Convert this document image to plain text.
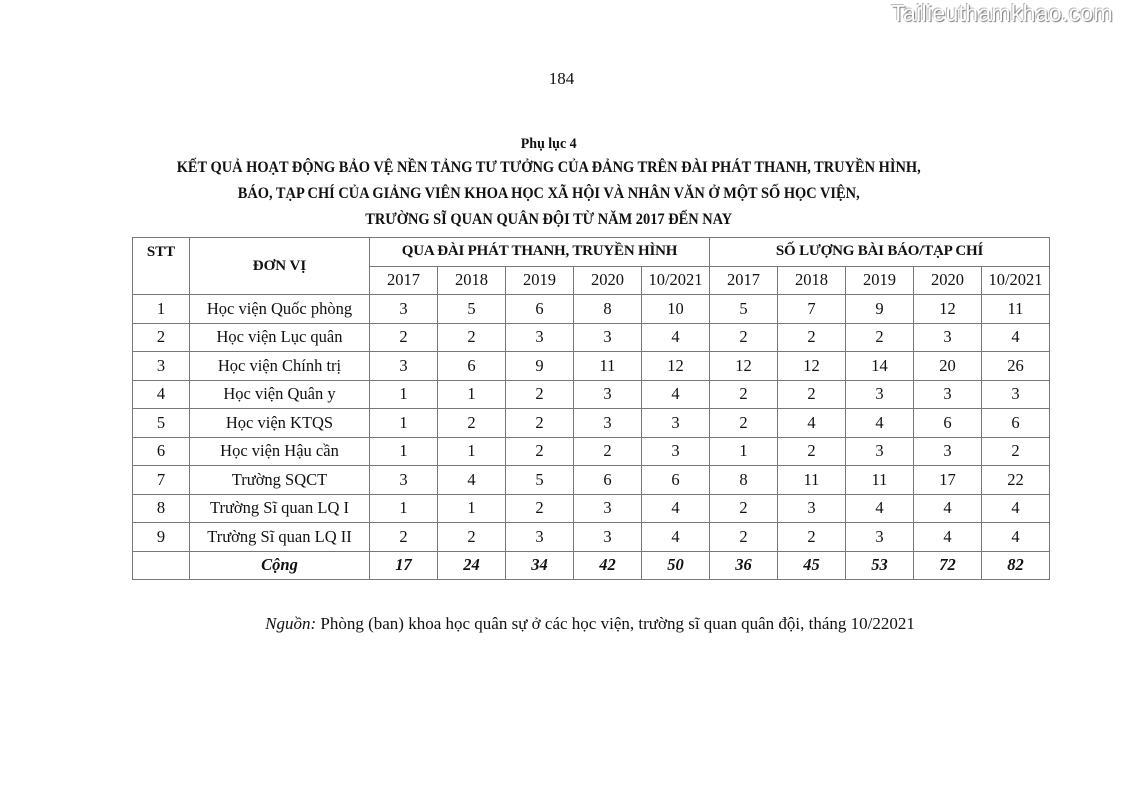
Tailieuthamkhao.com
184
Phụ lục 4
KẾT QUẢ HOẠT ĐỘNG BẢO VỆ NỀN TẢNG TƯ TƯỞNG CỦA ĐẢNG TRÊN ĐÀI PHÁT THANH, TRUYỀN HÌNH,
BÁO, TẠP CHÍ CỦA GIẢNG VIÊN KHOA HỌC XÃ HỘI VÀ NHÂN VĂN Ở MỘT SỐ HỌC VIỆN,
TRƯỜNG SĨ QUAN QUÂN ĐỘI TỪ NĂM 2017 ĐẾN NAY
STT	ĐƠN VỊ	QUA ĐÀI PHÁT THANH, TRUYỀN HÌNH					SỐ LƯỢNG BÀI BÁO/TẠP CHÍ				
		2017	2018	2019	2020	10/2021	2017	2018	2019	2020	10/2021
1	Học viện Quốc phòng	3	5	6	8	10	5	7	9	12	11
2	Học viện Lục quân	2	2	3	3	4	2	2	2	3	4
3	Học viện Chính trị	3	6	9	11	12	12	12	14	20	26
4	Học viện Quân y	1	1	2	3	4	2	2	3	3	3
5	Học viện KTQS	1	2	2	3	3	2	4	4	6	6
6	Học viện Hậu cần	1	1	2	2	3	1	2	3	3	2
7	Trường SQCT	3	4	5	6	6	8	11	11	17	22
8	Trường Sĩ quan LQ I	1	1	2	3	4	2	3	4	4	4
9	Trường Sĩ quan LQ II	2	2	3	3	4	2	2	3	4	4
	Cộng	17	24	34	42	50	36	45	53	72	82
Nguồn: Phòng (ban) khoa học quân sự ở các học viện, trường sĩ quan quân đội, tháng 10/22021
